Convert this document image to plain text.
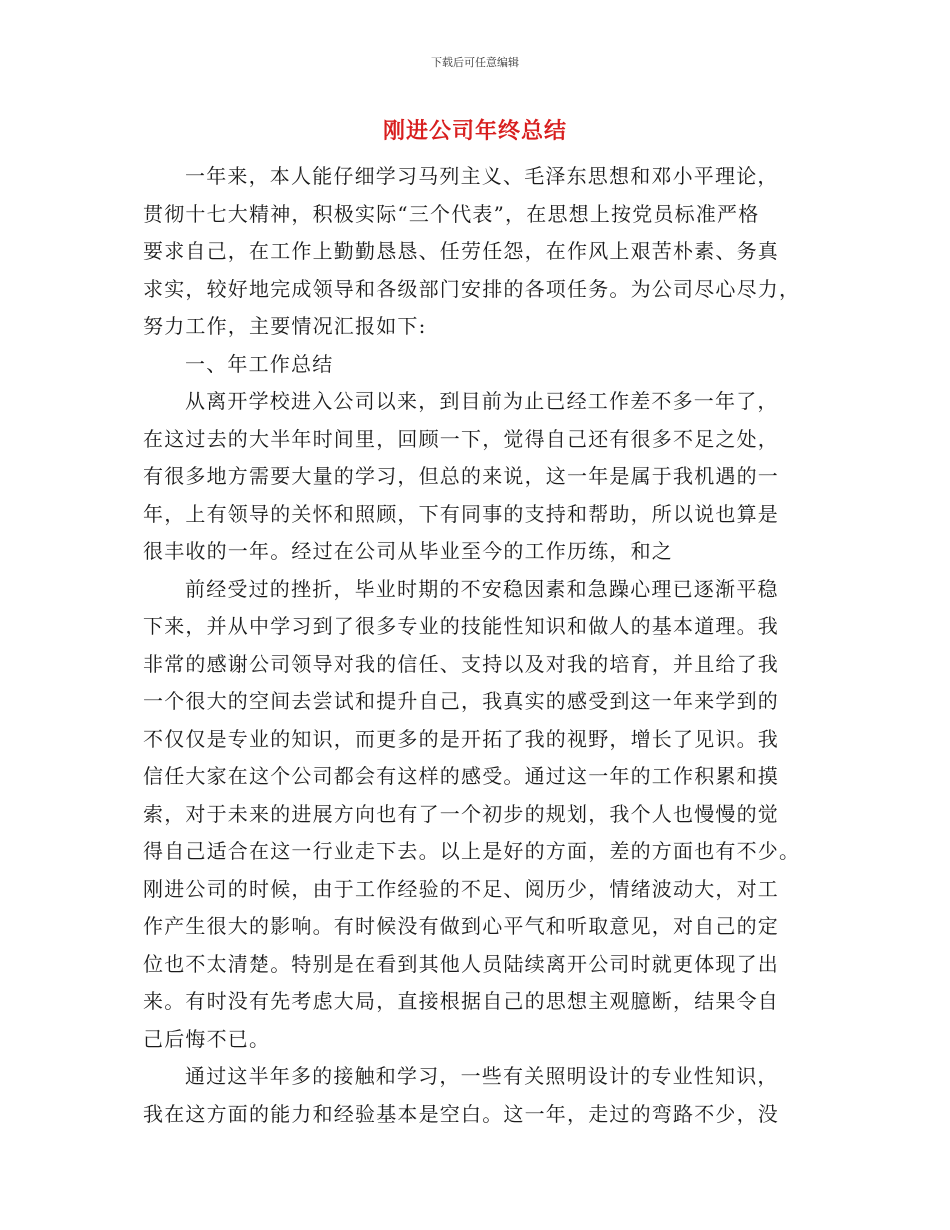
下载后可任意编辑
刚进公司年终总结
一年来，本人能仔细学习马列主义、毛泽东思想和邓小平理论，
贯彻十七大精神，积极实际“三个代表”，在思想上按党员标准严格
要求自己，在工作上勤勤恳恳、任劳任怨，在作风上艰苦朴素、务真
求实，较好地完成领导和各级部门安排的各项任务。为公司尽心尽力，
努力工作，主要情况汇报如下:
一、年工作总结
从离开学校进入公司以来，到目前为止已经工作差不多一年了，
在这过去的大半年时间里，回顾一下，觉得自己还有很多不足之处，
有很多地方需要大量的学习，但总的来说，这一年是属于我机遇的一
年，上有领导的关怀和照顾，下有同事的支持和帮助，所以说也算是
很丰收的一年。经过在公司从毕业至今的工作历练，和之
前经受过的挫折，毕业时期的不安稳因素和急躁心理已逐渐平稳
下来，并从中学习到了很多专业的技能性知识和做人的基本道理。我
非常的感谢公司领导对我的信任、支持以及对我的培育，并且给了我
一个很大的空间去尝试和提升自己，我真实的感受到这一年来学到的
不仅仅是专业的知识，而更多的是开拓了我的视野，增长了见识。我
信任大家在这个公司都会有这样的感受。通过这一年的工作积累和摸
索，对于未来的进展方向也有了一个初步的规划，我个人也慢慢的觉
得自己适合在这一行业走下去。以上是好的方面，差的方面也有不少。
刚进公司的时候，由于工作经验的不足、阅历少，情绪波动大，对工
作产生很大的影响。有时候没有做到心平气和听取意见，对自己的定
位也不太清楚。特别是在看到其他人员陆续离开公司时就更体现了出
来。有时没有先考虑大局，直接根据自己的思想主观臆断，结果令自
己后悔不已。
通过这半年多的接触和学习，一些有关照明设计的专业性知识，
我在这方面的能力和经验基本是空白。这一年，走过的弯路不少，没
